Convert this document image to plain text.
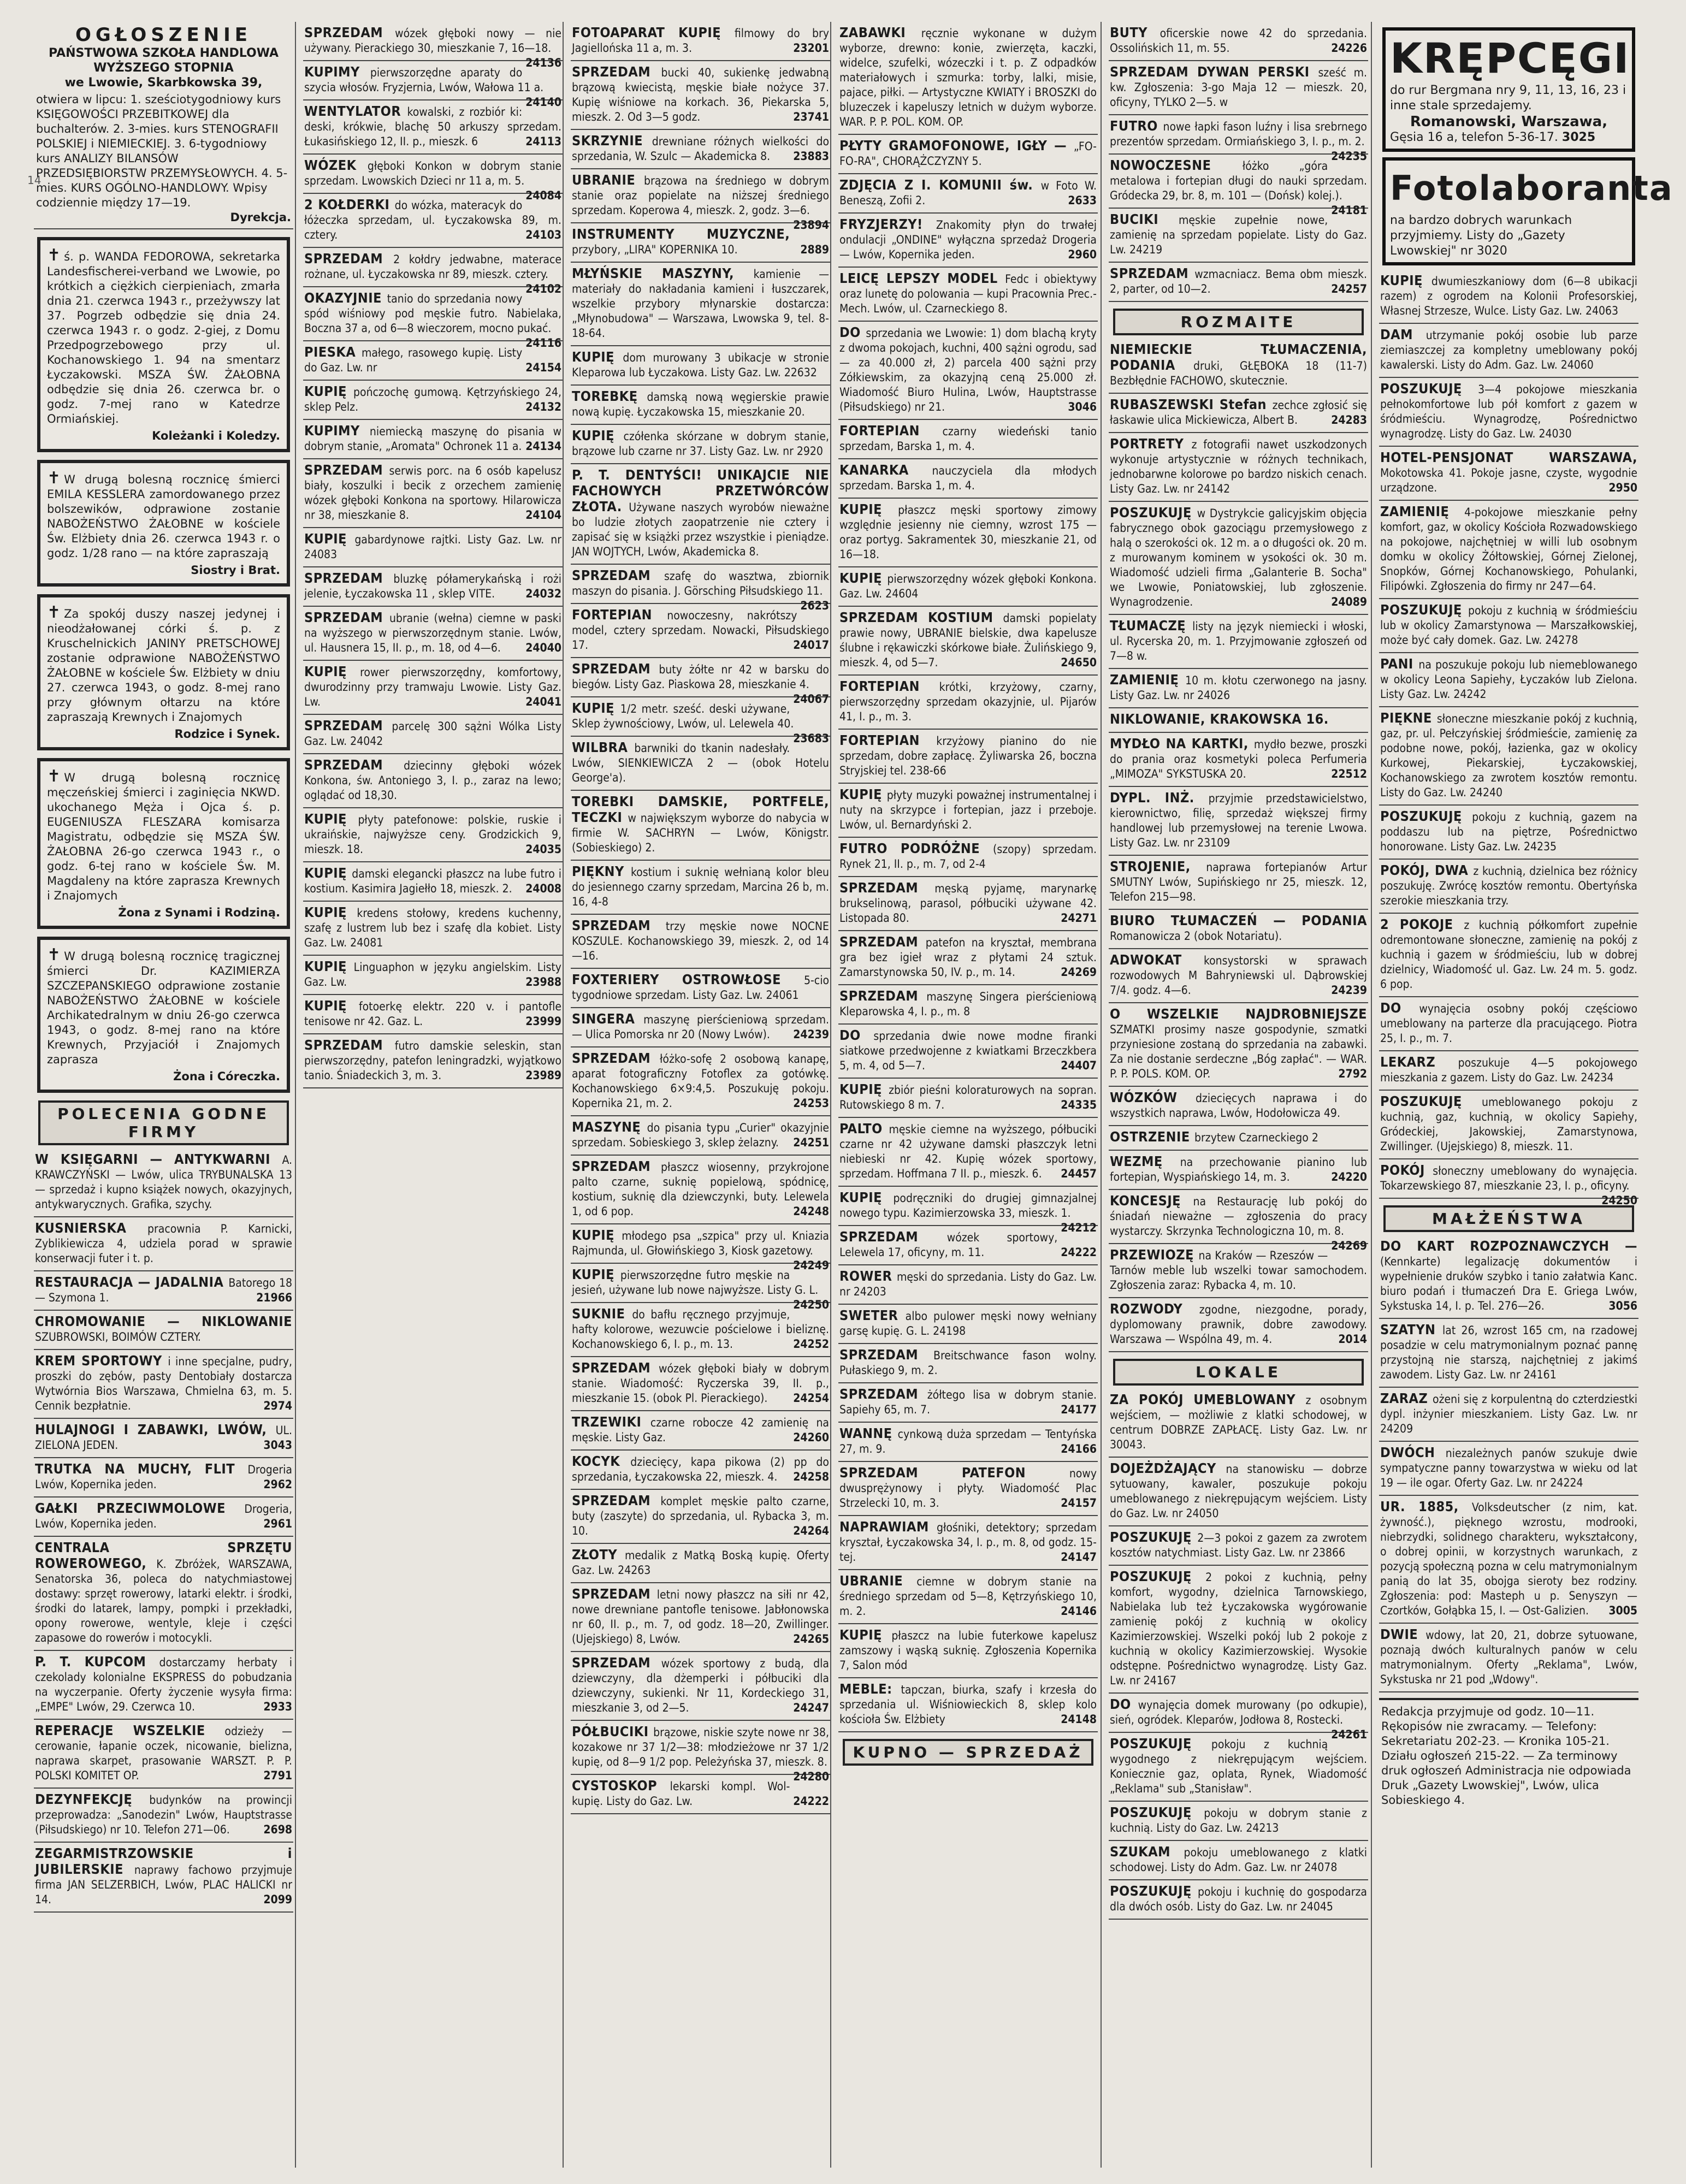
14
OGŁOSZENIE
PAŃSTWOWA SZKOŁA HANDLOWA WYŻSZEGO STOPNIA
we Lwowie, Skarbkowska 39,
otwiera w lipcu: 1. sześciotygodniowy kurs KSIĘGOWOŚCI PRZEBITKOWEJ dla buchalterów. 2. 3-mies. kurs STENOGRAFII POLSKIEJ i NIEMIECKIEJ. 3. 6-tygodniowy kurs ANALIZY BILANSÓW PRZEDSIĘBIORSTW PRZEMYSŁOWYCH. 4. 5-mies. KURS OGÓLNO-HANDLOWY. Wpisy codziennie między 17—19.
Dyrekcja.
✝ ś. p. WANDA FEDOROWA, sekretarka Landesfischerei-verband we Lwowie, po krótkich a ciężkich cierpieniach, zmarła dnia 21. czerwca 1943 r., przeżywszy lat 37. Pogrzeb odbędzie się dnia 24. czerwca 1943 r. o godz. 2-giej, z Domu Przedpogrzebowego przy ul. Kochanowskiego 1. 94 na smentarz Łyczakowski. MSZA ŚW. ŻAŁOBNA odbędzie się dnia 26. czerwca br. o godz. 7-mej rano w Katedrze Ormiańskiej.
Koleżanki i Koledzy.
✝ W drugą bolesną rocznicę śmierci EMILA KESSLERA zamordowanego przez bolszewików, odprawione zostanie NABOŻEŃSTWO ŻAŁOBNE w kościele Św. Elżbiety dnia 26. czerwca 1943 r. o godz. 1/28 rano — na które zapraszają
Siostry i Brat.
✝ Za spokój duszy naszej jedynej i nieodżałowanej córki ś. p. z Kruschelnickich JANINY PRETSCHOWEJ zostanie odprawione NABOŻEŃSTWO ŻAŁOBNE w kościele Św. Elżbiety w dniu 27. czerwca 1943, o godz. 8-mej rano przy głównym ołtarzu na które zapraszają Krewnych i Znajomych
Rodzice i Synek.
✝ W drugą bolesną rocznicę męczeńskiej śmierci i zaginięcia NKWD. ukochanego Męża i Ojca ś. p. EUGENIUSZA FLESZARA komisarza Magistratu, odbędzie się MSZA ŚW. ŻAŁOBNA 26-go czerwca 1943 r., o godz. 6-tej rano w kościele Św. M. Magdaleny na które zaprasza Krewnych i Znajomych
Żona z Synami i Rodziną.
✝ W drugą bolesną rocznicę tragicznej śmierci Dr. KAZIMIERZA SZCZEPANSKIEGO odprawione zostanie NABOŻEŃSTWO ŻAŁOBNE w kościele Archikatedralnym w dniu 26-go czerwca 1943, o godz. 8-mej rano na które Krewnych, Przyjaciół i Znajomych zaprasza
Żona i Córeczka.
POLECENIA GODNE FIRMY
W KSIĘGARNI — ANTYKWARNI A. KRAWCZYŃSKI — Lwów, ulica TRYBUNALSKA 13 — sprzedaż i kupno książek nowych, okazyjnych, antykwarycznych. Grafika, szychy.
KUSNIERSKA pracownia P. Karnicki, Zyblikiewicza 4, udziela porad w sprawie konserwacji futer i t. p.
RESTAURACJA — JADALNIA Batorego 18 — Szymona 1.	21966
CHROMOWANIE — NIKLOWANIE SZUBROWSKI, BOIMÓW CZTERY.
KREM SPORTOWY i inne specjalne, pudry, proszki do zębów, pasty Dentobiały dostarcza Wytwórnia Bios Warszawa, Chmielna 63, m. 5. Cennik bezpłatnie.	2974
HULAJNOGI I ZABAWKI, LWÓW, UL. ZIELONA JEDEN.	3043
TRUTKA NA MUCHY, FLIT Drogeria Lwów, Kopernika jeden.	2962
GAŁKI PRZECIWMOLOWE Drogeria, Lwów, Kopernika jeden.	2961
CENTRALA SPRZĘTU ROWEROWEGO, K. Zbróżek, WARSZAWA, Senatorska 36, poleca do natychmiastowej dostawy: sprzęt rowerowy, latarki elektr. i środki, środki do latarek, lampy, pompki i przekładki, opony rowerowe, wentyle, kleje i części zapasowe do rowerów i motocykli.
P. T. KUPCOM dostarczamy herbaty i czekolady kolonialne EKSPRESS do pobudzania na wyczerpanie. Oferty życzenie wysyła firma: „EMPE" Lwów, 29. Czerwca 10.	2933
REPERACJE WSZELKIE odzieży — cerowanie, łapanie oczek, nicowanie, bielizna, naprawa skarpet, prasowanie WARSZT. P. P. POLSKI KOMITET OP.	2791
DEZYNFEKCJĘ budynków na prowincji przeprowadza: „Sanodezin" Lwów, Hauptstrasse (Piłsudskiego) nr 10. Telefon 271—06.	2698
ZEGARMISTRZOWSKIE i JUBILERSKIE naprawy fachowo przyjmuje firma JAN SELZERBICH, Lwów, PLAC HALICKI nr 14.	2099
SPRZEDAM wózek głęboki nowy — nie używany. Pierackiego 30, mieszkanie 7, 16—18.
24136
KUPIMY pierwszorzędne aparaty do szycia włosów. Fryzjernia, Lwów, Wałowa 11 a.
24140
WENTYLATOR kowalski, z rozbiór ki: deski, krókwie, blachę 50 arkuszy sprzedam. Łukasińskiego 12, II. p., mieszk. 6	24113
WÓZEK głęboki Konkon w dobrym stanie sprzedam. Lwowskich Dzieci nr 11 a, m. 5.
24084
2 KOŁDERKI do wózka, materacyk do łóżeczka sprzedam, ul. Łyczakowska 89, m. cztery.	24103
SPRZEDAM 2 kołdry jedwabne, materace rożnane, ul. Łyczakowska nr 89, mieszk. cztery.
24102
OKAZYJNIE tanio do sprzedania nowy spód wiśniowy pod męskie futro. Nabielaka, Boczna 37 a, od 6—8 wieczorem, mocno pukać.
24116
PIESKA małego, rasowego kupię. Listy do Gaz. Lw. nr	24154
KUPIĘ pończochę gumową. Kętrzyńskiego 24, sklep Pelz.	24132
KUPIMY niemiecką maszynę do pisania w dobrym stanie, „Aromata" Ochronek 11 a. 24134
SPRZEDAM serwis porc. na 6 osób kapelusz biały, koszulki i becik z orzechem zamienię wózek głęboki Konkona na sportowy. Hilarowicza nr 38, mieszkanie 8.	24104
KUPIĘ gabardynowe rajtki. Listy Gaz. Lw. nr 24083
SPRZEDAM bluzkę półamerykańską i rożi jelenie, Łyczakowska 11 , sklep VITE.	24032
SPRZEDAM ubranie (wełna) ciemne w paski na wyższego w pierwszorzędnym stanie. Lwów, ul. Hausnera 15, II. p., m. 18, od 4—6. 24040
KUPIĘ rower pierwszorzędny, komfortowy, dwurodzinny przy tramwaju Lwowie. Listy Gaz. Lw.	24041
SPRZEDAM parcelę 300 sążni Wólka Listy Gaz. Lw. 24042
SPRZEDAM dziecinny głęboki wózek Konkona, św. Antoniego 3, I. p., zaraz na lewo; oglądać od 18,30.
KUPIĘ płyty patefonowe: polskie, ruskie i ukraińskie, najwyższe ceny. Grodzickich 9, mieszk. 18.	24035
KUPIĘ damski elegancki płaszcz na lube futro i kostium. Kasimira Jagiełło 18, mieszk. 2. 24008
KUPIĘ kredens stołowy, kredens kuchenny, szafę z lustrem lub bez i szafę dla kobiet. Listy Gaz. Lw. 24081
KUPIĘ Linguaphon w języku angielskim. Listy Gaz. Lw.	23988
KUPIĘ fotoerkę elektr. 220 v. i pantofle tenisowe nr 42. Gaz. L.	23999
SPRZEDAM futro damskie seleskin, stan pierwszorzędny, patefon leningradzki, wyjątkowo tanio. Śniadeckich 3, m. 3.	23989
FOTOAPARAT KUPIĘ filmowy do bry Jagiellońska 11 a, m. 3.	23201
SPRZEDAM bucki 40, sukienkę jedwabną brązową kwiecistą, męskie białe nożyce 37. Kupię wiśniowe na korkach. 36, Piekarska 5, mieszk. 2. Od 3—5 godz.	23741
SKRZYNIE drewniane różnych wielkości do sprzedania, W. Szulc — Akademicka 8. 23883
UBRANIE brązowa na średniego w dobrym stanie oraz popielate na niższej średniego sprzedam. Koperowa 4, mieszk. 2, godz. 3—6.
23894
INSTRUMENTY MUZYCZNE, przybory, „LIRA" KOPERNIKA 10.	2889
MŁYŃSKIE MASZYNY, kamienie — materiały do nakładania kamieni i łuszczarek, wszelkie przybory młynarskie dostarcza: „Młynobudowa" — Warszawa, Lwowska 9, tel. 8-18-64.
KUPIĘ dom murowany 3 ubikacje w stronie Kleparowa lub Łyczakowa. Listy Gaz. Lw. 22632
TOREBKĘ damską nową węgierskie prawie nową kupię. Łyczakowska 15, mieszkanie 20.
KUPIĘ czółenka skórzane w dobrym stanie, brązowe lub czarne nr 37. Listy Gaz. Lw. nr 2920
P. T. DENTYŚCI! UNIKAJCIE NIE FACHOWYCH PRZETWÓRCÓW ZŁOTA. Używane naszych wyrobów nieważne bo ludzie złotych zaopatrzenie nie cztery i zapisać się w książki przez wszystkie i pieniądze. JAN WOJTYCH, Lwów, Akademicka 8.
SPRZEDAM szafę do wasztwa, zbiornik maszyn do pisania. J. Görsching Piłsudskiego 11.
2623
FORTEPIAN nowoczesny, nakrótszy model, cztery sprzedam. Nowacki, Piłsudskiego 17.	24017
SPRZEDAM buty żółte nr 42 w barsku do biegów. Listy Gaz. Piaskowa 28, mieszkanie 4.
24067
KUPIĘ 1/2 metr. sześć. deski używane, Sklep żywnościowy, Lwów, ul. Lelewela 40.
23683
WILBRA barwniki do tkanin nadesłały. Lwów, SIENKIEWICZA 2 — (obok Hotelu George'a).
TOREBKI DAMSKIE, PORTFELE, TECZKI w największym wyborze do nabycia w firmie W. SACHRYN — Lwów, Königstr. (Sobieskiego) 2.
PIĘKNY kostium i suknię wełnianą kolor bleu do jesiennego czarny sprzedam, Marcina 26 b, m. 16, 4-8
SPRZEDAM trzy męskie nowe NOCNE KOSZULE. Kochanowskiego 39, mieszk. 2, od 14—16.
FOXTERIERY OSTROWŁOSE 5-cio tygodniowe sprzedam. Listy Gaz. Lw. 24061
SINGERA maszynę pierścieniową sprzedam. — Ulica Pomorska nr 20 (Nowy Lwów). 24239
SPRZEDAM łóżko-sofę 2 osobową kanapę, aparat fotograficzny Fotoflex za gotówkę. Kochanowskiego 6×9:4,5. Poszukuję pokoju. Kopernika 21, m. 2.	24253
MASZYNĘ do pisania typu „Curier" okazyjnie sprzedam. Sobieskiego 3, sklep żelazny. 24251
SPRZEDAM płaszcz wiosenny, przykrojone palto czarne, suknię popielową, spódnicę, kostium, suknię dla dziewczynki, buty. Lelewela 1, od 6 pop.	24248
KUPIĘ młodego psa „szpica" przy ul. Kniazia Rajmunda, ul. Głowińskiego 3, Kiosk gazetowy.
24249
KUPIĘ pierwszorzędne futro męskie na jesień, używane lub nowe najwyższe. Listy G. L.
24250
SUKNIE do bafłu ręcznego przyjmuje, hafty kolorowe, wezuwcie pościelowe i bieliznę. Kochanowskiego 6, I. p., m. 13.	24252
SPRZEDAM wózek głęboki biały w dobrym stanie. Wiadomość: Ryczerska 39, II. p., mieszkanie 15. (obok Pl. Pierackiego). 24254
TRZEWIKI czarne robocze 42 zamienię na męskie. Listy Gaz.	24260
KOCYK dziecięcy, kapa pikowa (2) pp do sprzedania, Łyczakowska 22, mieszk. 4. 24258
SPRZEDAM komplet męskie palto czarne, buty (zaszyte) do sprzedania, ul. Rybacka 3, m. 10.	24264
ZŁOTY medalik z Matką Boską kupię. Oferty Gaz. Lw. 24263
SPRZEDAM letni nowy płaszcz na siłi nr 42, nowe drewniane pantofle tenisowe. Jabłonowska nr 60, II. p., m. 7, od godz. 18—20, Zwillinger. (Ujejskiego) 8, Lwów.	24265
SPRZEDAM wózek sportowy z budą, dla dziewczyny, dla dżemperki i półbuciki dla dziewczyny, sukienki. Nr 11, Kordeckiego 31, mieszkanie 3, od 2—5.	24247
PÓŁBUCIKI brązowe, niskie szyte nowe nr 38, kozakowe nr 37 1/2—38: młodzieżowe nr 37 1/2 kupię, od 8—9 1/2 pop. Peleżyńska 37, mieszk. 8.
24280
CYSTOSKOP lekarski kompl. Wol- kupię. Listy do Gaz. Lw.	24222
ZABAWKI ręcznie wykonane w dużym wyborze, drewno: konie, zwierzęta, kaczki, widelce, szufelki, wózeczki i t. p. Z odpadków materiałowych i szmurka: torby, lalki, misie, pajace, piłki. — Artystyczne KWIATY i BROSZKI do bluzeczek i kapeluszy letnich w dużym wyborze. WAR. P. P. POL. KOM. OP.
PŁYTY GRAMOFONOWE, IGŁY — „FO-FO-RA", CHORĄŻCZYZNY 5.
ZDJĘCIA Z I. KOMUNII św. w Foto W. Beneszą, Zofii 2.	2633
FRYZJERZY! Znakomity płyn do trwałej ondulacji „ONDINE" wyłączna sprzedaż Drogeria — Lwów, Kopernika jeden.	2960
LEICĘ LEPSZY MODEL Fedc i obiektywy oraz lunetę do polowania — kupi Pracownia Prec.-Mech. Lwów, ul. Czarneckiego 8.
DO sprzedania we Lwowie: 1) dom blachą kryty z dwoma pokojach, kuchni, 400 sążni ogrodu, sad — za 40.000 zł, 2) parcela 400 sążni przy Zółkiewskim, za okazyjną ceną 25.000 zł. Wiadomość Biuro Hulina, Lwów, Hauptstrasse (Piłsudskiego) nr 21.	3046
FORTEPIAN czarny wiedeński tanio sprzedam, Barska 1, m. 4.
KANARKA nauczyciela dla młodych sprzedam. Barska 1, m. 4.
KUPIĘ płaszcz męski sportowy zimowy względnie jesienny nie ciemny, wzrost 175 — oraz portyg. Sakramentek 30, mieszkanie 21, od 16—18.
KUPIĘ pierwszorzędny wózek głęboki Konkona. Gaz. Lw. 24604
SPRZEDAM KOSTIUM damski popielaty prawie nowy, UBRANIE bielskie, dwa kapelusze ślubne i rękawiczki skórkowe białe. Żulińskiego 9, mieszk. 4, od 5—7.	24650
FORTEPIAN krótki, krzyżowy, czarny, pierwszorzędny sprzedam okazyjnie, ul. Pijarów 41, I. p., m. 3.
FORTEPIAN krzyżowy pianino do nie sprzedam, dobre zapłacę. Żyliwarska 26, boczna Stryjskiej tel. 238-66
KUPIĘ płyty muzyki poważnej instrumentalnej i nuty na skrzypce i fortepian, jazz i przeboje. Lwów, ul. Bernardyński 2.
FUTRO PODRÓŻNE (szopy) sprzedam. Rynek 21, II. p., m. 7, od 2-4
SPRZEDAM męską pyjamę, marynarkę brukselinową, parasol, półbuciki używane 42. Listopada 80.	24271
SPRZEDAM patefon na kryształ, membrana gra bez igieł wraz z płytami 24 sztuk. Zamarstynowska 50, IV. p., m. 14.	24269
SPRZEDAM maszynę Singera pierścieniową Kleparowska 4, I. p., m. 8
DO sprzedania dwie nowe modne firanki siatkowe przedwojenne z kwiatkami Brzeczkbera 5, m. 4, od 5—7.	24407
KUPIĘ zbiór pieśni koloraturowych na sopran. Rutowskiego 8 m. 7.	24335
PALTO męskie ciemne na wyższego, półbuciki czarne nr 42 używane damski płaszczyk letni niebieski nr 42. Kupię wózek sportowy, sprzedam. Hoffmana 7 II. p., mieszk. 6. 24457
KUPIĘ podręczniki do drugiej gimnazjalnej nowego typu. Kazimierzowska 33, mieszk. 1.
24212
SPRZEDAM wózek sportowy, Lelewela 17, oficyny, m. 11.	24222
ROWER męski do sprzedania. Listy do Gaz. Lw. nr 24203
SWETER albo pulower męski nowy wełniany garsę kupię. G. L. 24198
SPRZEDAM Breitschwance fason wolny. Pułaskiego 9, m. 2.
SPRZEDAM żółtego lisa w dobrym stanie. Sapiehy 65, m. 7.	24177
WANNĘ cynkową duża sprzedam — Tentyńska 27, m. 9.	24166
SPRZEDAM PATEFON nowy dwusprężynowy i płyty. Wiadomość Plac Strzelecki 10, m. 3.	24157
NAPRAWIAM głośniki, detektory; sprzedam kryształ, Łyczakowska 34, I. p., m. 8, od godz. 15-tej.	24147
UBRANIE ciemne w dobrym stanie na średniego sprzedam od 5—8, Kętrzyńskiego 10, m. 2.	24146
KUPIĘ płaszcz na lubie futerkowe kapelusz zamszowy i wąską suknię. Zgłoszenia Kopernika 7, Salon mód
MEBLE: tapczan, biurka, szafy i krzesła do sprzedania ul. Wiśniowieckich 8, sklep kolo kościoła Św. Elżbiety	24148
KUPNO — SPRZEDAŻ
BUTY oficerskie nowe 42 do sprzedania. Ossolińskich 11, m. 55.	24226
SPRZEDAM DYWAN PERSKI sześć m. kw. Zgłoszenia: 3-go Maja 12 — mieszk. 20, oficyny, TYLKO 2—5. w
FUTRO nowe łapki fason luźny i lisa srebrnego prezentów sprzedam. Ormiańskiego 3, I. p., m. 2.
24235
NOWOCZESNE łóżko „góra metalowa i fortepian długi do nauki sprzedam. Gródecka 29, br. 8, m. 101 — (Dońsk) kolej.).
24181
BUCIKI męskie zupełnie nowe, zamienię na sprzedam popielate. Listy do Gaz. Lw. 24219
SPRZEDAM wzmacniacz. Bema obm mieszk. 2, parter, od 10—2.	24257
ROZMAITE
NIEMIECKIE TŁUMACZENIA, PODANIA druki, GŁĘBOKA 18 (11-7) Bezbłędnie FACHOWO, skutecznie.
RUBASZEWSKI Stefan zechce zgłosić się łaskawie ulica Mickiewicza, Albert B.	24283
PORTRETY z fotografii nawet uszkodzonych wykonuje artystycznie w różnych technikach, jednobarwne kolorowe po bardzo niskich cenach. Listy Gaz. Lw. nr 24142
POSZUKUJĘ w Dystrykcie galicyjskim objęcia fabrycznego obok gazociągu przemysłowego z halą o szerokości ok. 12 m. a o długości ok. 20 m. z murowanym kominem w ysokości ok. 30 m. Wiadomość udzieli firma „Galanterie B. Socha" we Lwowie, Poniatowskiej, lub zgłoszenie. Wynagrodzenie.	24089
TŁUMACZĘ listy na język niemiecki i włoski, ul. Rycerska 20, m. 1. Przyjmowanie zgłoszeń od 7—8 w.
ZAMIENIĘ 10 m. kłotu czerwonego na jasny. Listy Gaz. Lw. nr 24026
NIKLOWANIE, KRAKOWSKA 16.
MYDŁO NA KARTKI, mydło bezwe, proszki do prania oraz kosmetyki poleca Perfumeria „MIMOZA" SYKSTUSKA 20.	22512
DYPL. INŻ. przyjmie przedstawicielstwo, kierownictwo, filię, sprzedaż większej firmy handlowej lub przemysłowej na terenie Lwowa. Listy Gaz. Lw. nr 23109
STROJENIE, naprawa fortepianów Artur SMUTNY Lwów, Supińskiego nr 25, mieszk. 12, Telefon 215—98.
BIURO TŁUMACZEŃ — PODANIA Romanowicza 2 (obok Notariatu).
ADWOKAT konsystorski w sprawach rozwodowych M Bahryniewski ul. Dąbrowskiej 7/4. godz. 4—6.	24239
O WSZELKIE NAJDROBNIEJSZE SZMATKI prosimy nasze gospodynie, szmatki przyniesione zostaną do sprzedania na zabawki. Za nie dostanie serdeczne „Bóg zapłać". — WAR. P. P. POLS. KOM. OP.	2792
WÓZKÓW dziecięcych naprawa i do wszystkich naprawa, Lwów, Hodołowicza 49.
OSTRZENIE brzytew Czarneckiego 2
WEZMĘ na przechowanie pianino lub fortepian, Wyspiańskiego 14, m. 3.	24220
KONCESJĘ na Restaurację lub pokój do śniadań nieważne — zgłoszenia do pracy wystarczy. Skrzynka Technologiczna 10, m. 8.
24269
PRZEWIOZĘ na Kraków — Rzeszów — Tarnów meble lub wszelki towar samochodem. Zgłoszenia zaraz: Rybacka 4, m. 10.
ROZWODY zgodne, niezgodne, porady, dyplomowany prawnik, dobre zawodowy. Warszawa — Wspólna 49, m. 4.	2014
LOKALE
ZA POKÓJ UMEBLOWANY z osobnym wejściem, — możliwie z klatki schodowej, w centrum DOBRZE ZAPŁACĘ. Listy Gaz. Lw. nr 30043.
DOJEŻDŻAJĄCY na stanowisku — dobrze sytuowany, kawaler, poszukuje pokoju umeblowanego z niekrępującym wejściem. Listy do Gaz. Lw. nr 24050
POSZUKUJĘ 2—3 pokoi z gazem za zwrotem kosztów natychmiast. Listy Gaz. Lw. nr 23866
POSZUKUJĘ 2 pokoi z kuchnią, pełny komfort, wygodny, dzielnica Tarnowskiego, Nabielaka lub też Łyczakowska wygórowanie zamienię pokój z kuchnią w okolicy Kazimierzowskiej. Wszelki pokój lub 2 pokoje z kuchnią w okolicy Kazimierzowskiej. Wysokie odstępne. Pośrednictwo wynagrodzę. Listy Gaz. Lw. nr 24167
DO wynajęcia domek murowany (po odkupie), sień, ogródek. Kleparów, Jodłowa 8, Rostecki.
24261
POSZUKUJĘ pokoju z kuchnią wygodnego z niekrępującym wejściem. Koniecznie gaz, oplata, Rynek, Wiadomość „Reklama" sub „Stanisław".
POSZUKUJĘ pokoju w dobrym stanie z kuchnią. Listy do Gaz. Lw. 24213
SZUKAM pokoju umeblowanego z klatki schodowej. Listy do Adm. Gaz. Lw. nr 24078
POSZUKUJĘ pokoju i kuchnię do gospodarza dla dwóch osób. Listy do Gaz. Lw. nr 24045
KRĘPCĘGI
do rur Bergmana nry 9, 11, 13, 16, 23 i inne stale sprzedajemy.
Romanowski, Warszawa,
Gęsia 16 a, telefon 5-36-17. 3025
Fotolaboranta
na bardzo dobrych warunkach przyjmiemy. Listy do „Gazety Lwowskiej" nr 3020
KUPIĘ dwumieszkaniowy dom (6—8 ubikacji razem) z ogrodem na Kolonii Profesorskiej, Własnej Strzesze, Wulce. Listy Gaz. Lw. 24063
DAM utrzymanie pokój osobie lub parze ziemiaszczej za kompletny umeblowany pokój kawalerski. Listy do Adm. Gaz. Lw. 24060
POSZUKUJĘ 3—4 pokojowe mieszkania pełnokomfortowe lub pół komfort z gazem w śródmieściu. Wynagrodzę, Pośrednictwo wynagrodzę. Listy do Gaz. Lw. 24030
HOTEL-PENSJONAT WARSZAWA, Mokotowska 41. Pokoje jasne, czyste, wygodnie urządzone.	2950
ZAMIENIĘ 4-pokojowe mieszkanie pełny komfort, gaz, w okolicy Kościoła Rozwadowskiego na pokojowe, najchętniej w willi lub osobnym domku w okolicy Żółtowskiej, Górnej Zielonej, Snopków, Górnej Kochanowskiego, Pohulanki, Filipówki. Zgłoszenia do firmy nr 247—64.
POSZUKUJĘ pokoju z kuchnią w śródmieściu lub w okolicy Zamarstynowa — Marszałkowskiej, może być cały domek. Gaz. Lw. 24278
PANI na poszukuje pokoju lub niemeblowanego w okolicy Leona Sapiehy, Łyczaków lub Zielona. Listy Gaz. Lw. 24242
PIĘKNE słoneczne mieszkanie pokój z kuchnią, gaz, pr. ul. Pełczyńskiej śródmieście, zamienię za podobne nowe, pokój, łazienka, gaz w okolicy Kurkowej, Piekarskiej, Łyczakowskiej, Kochanowskiego za zwrotem kosztów remontu. Listy do Gaz. Lw. 24240
POSZUKUJĘ pokoju z kuchnią, gazem na poddaszu lub na piętrze, Pośrednictwo honorowane. Listy Gaz. Lw. 24235
POKÓJ, DWA z kuchnią, dzielnica bez różnicy poszukuję. Zwrócę kosztów remontu. Obertyńska szerokie mieszkania trzy.
2 POKOJE z kuchnią półkomfort zupełnie odremontowane słoneczne, zamienię na pokój z kuchnią i gazem w śródmieściu, lub w dobrej dzielnicy, Wiadomość ul. Gaz. Lw. 24 m. 5. godz. 6 pop.
DO wynajęcia osobny pokój częściowo umeblowany na parterze dla pracującego. Piotra 25, I. p., m. 7.
LEKARZ poszukuje 4—5 pokojowego mieszkania z gazem. Listy do Gaz. Lw. 24234
POSZUKUJĘ umeblowanego pokoju z kuchnią, gaz, kuchnią, w okolicy Sapiehy, Gródeckiej, Jakowskiej, Zamarstynowa, Zwillinger. (Ujejskiego) 8, mieszk. 11.
POKÓJ słoneczny umeblowany do wynajęcia. Tokarzewskiego 87, mieszkanie 23, I. p., oficyny.
24250
MAŁŻEŃSTWA
DO KART ROZPOZNAWCZYCH — (Kennkarte) legalizację dokumentów i wypełnienie druków szybko i tanio załatwia Kanc. biuro podań i tłumaczeń Dra E. Griega Lwów, Sykstuska 14, I. p. Tel. 276—26.	3056
SZATYN lat 26, wzrost 165 cm, na rzadowej posadzie w celu matrymonialnym poznać pannę przystojną nie starszą, najchętniej z jakimś zawodem. Listy Gaz. Lw. nr 24161
ZARAZ ożeni się z korpulentną do czterdziestki dypl. inżynier mieszkaniem. Listy Gaz. Lw. nr 24209
DWÓCH niezależnych panów szukuje dwie sympatyczne panny towarzystwa w wieku od lat 19 — ile ogar. Oferty Gaz. Lw. nr 24224
UR. 1885, Volksdeutscher (z nim, kat. żywność.), pięknego wzrostu, modrooki, niebrzydki, solidnego charakteru, wykształcony, o dobrej opinii, w korzystnych warunkach, z pozycją społeczną pozna w celu matrymonialnym panią do lat 35, obojga sieroty bez rodziny. Zgłoszenia: pod: Masteph u p. Senyszyn — Czortków, Gołąbka 15, I. — Ost-Galizien. 3005
DWIE wdowy, lat 20, 21, dobrze sytuowane, poznają dwóch kulturalnych panów w celu matrymonialnym. Oferty „Reklama", Lwów, Sykstuska nr 21 pod „Wdowy".
Redakcja przyjmuje od godz. 10—11. Rękopisów nie zwracamy. — Telefony: Sekretariatu 202-23. — Kronika 105-21. Działu ogłoszeń 215-22. — Za terminowy druk ogłoszeń Administracja nie odpowiada Druk „Gazety Lwowskiej", Lwów, ulica Sobieskiego 4.
